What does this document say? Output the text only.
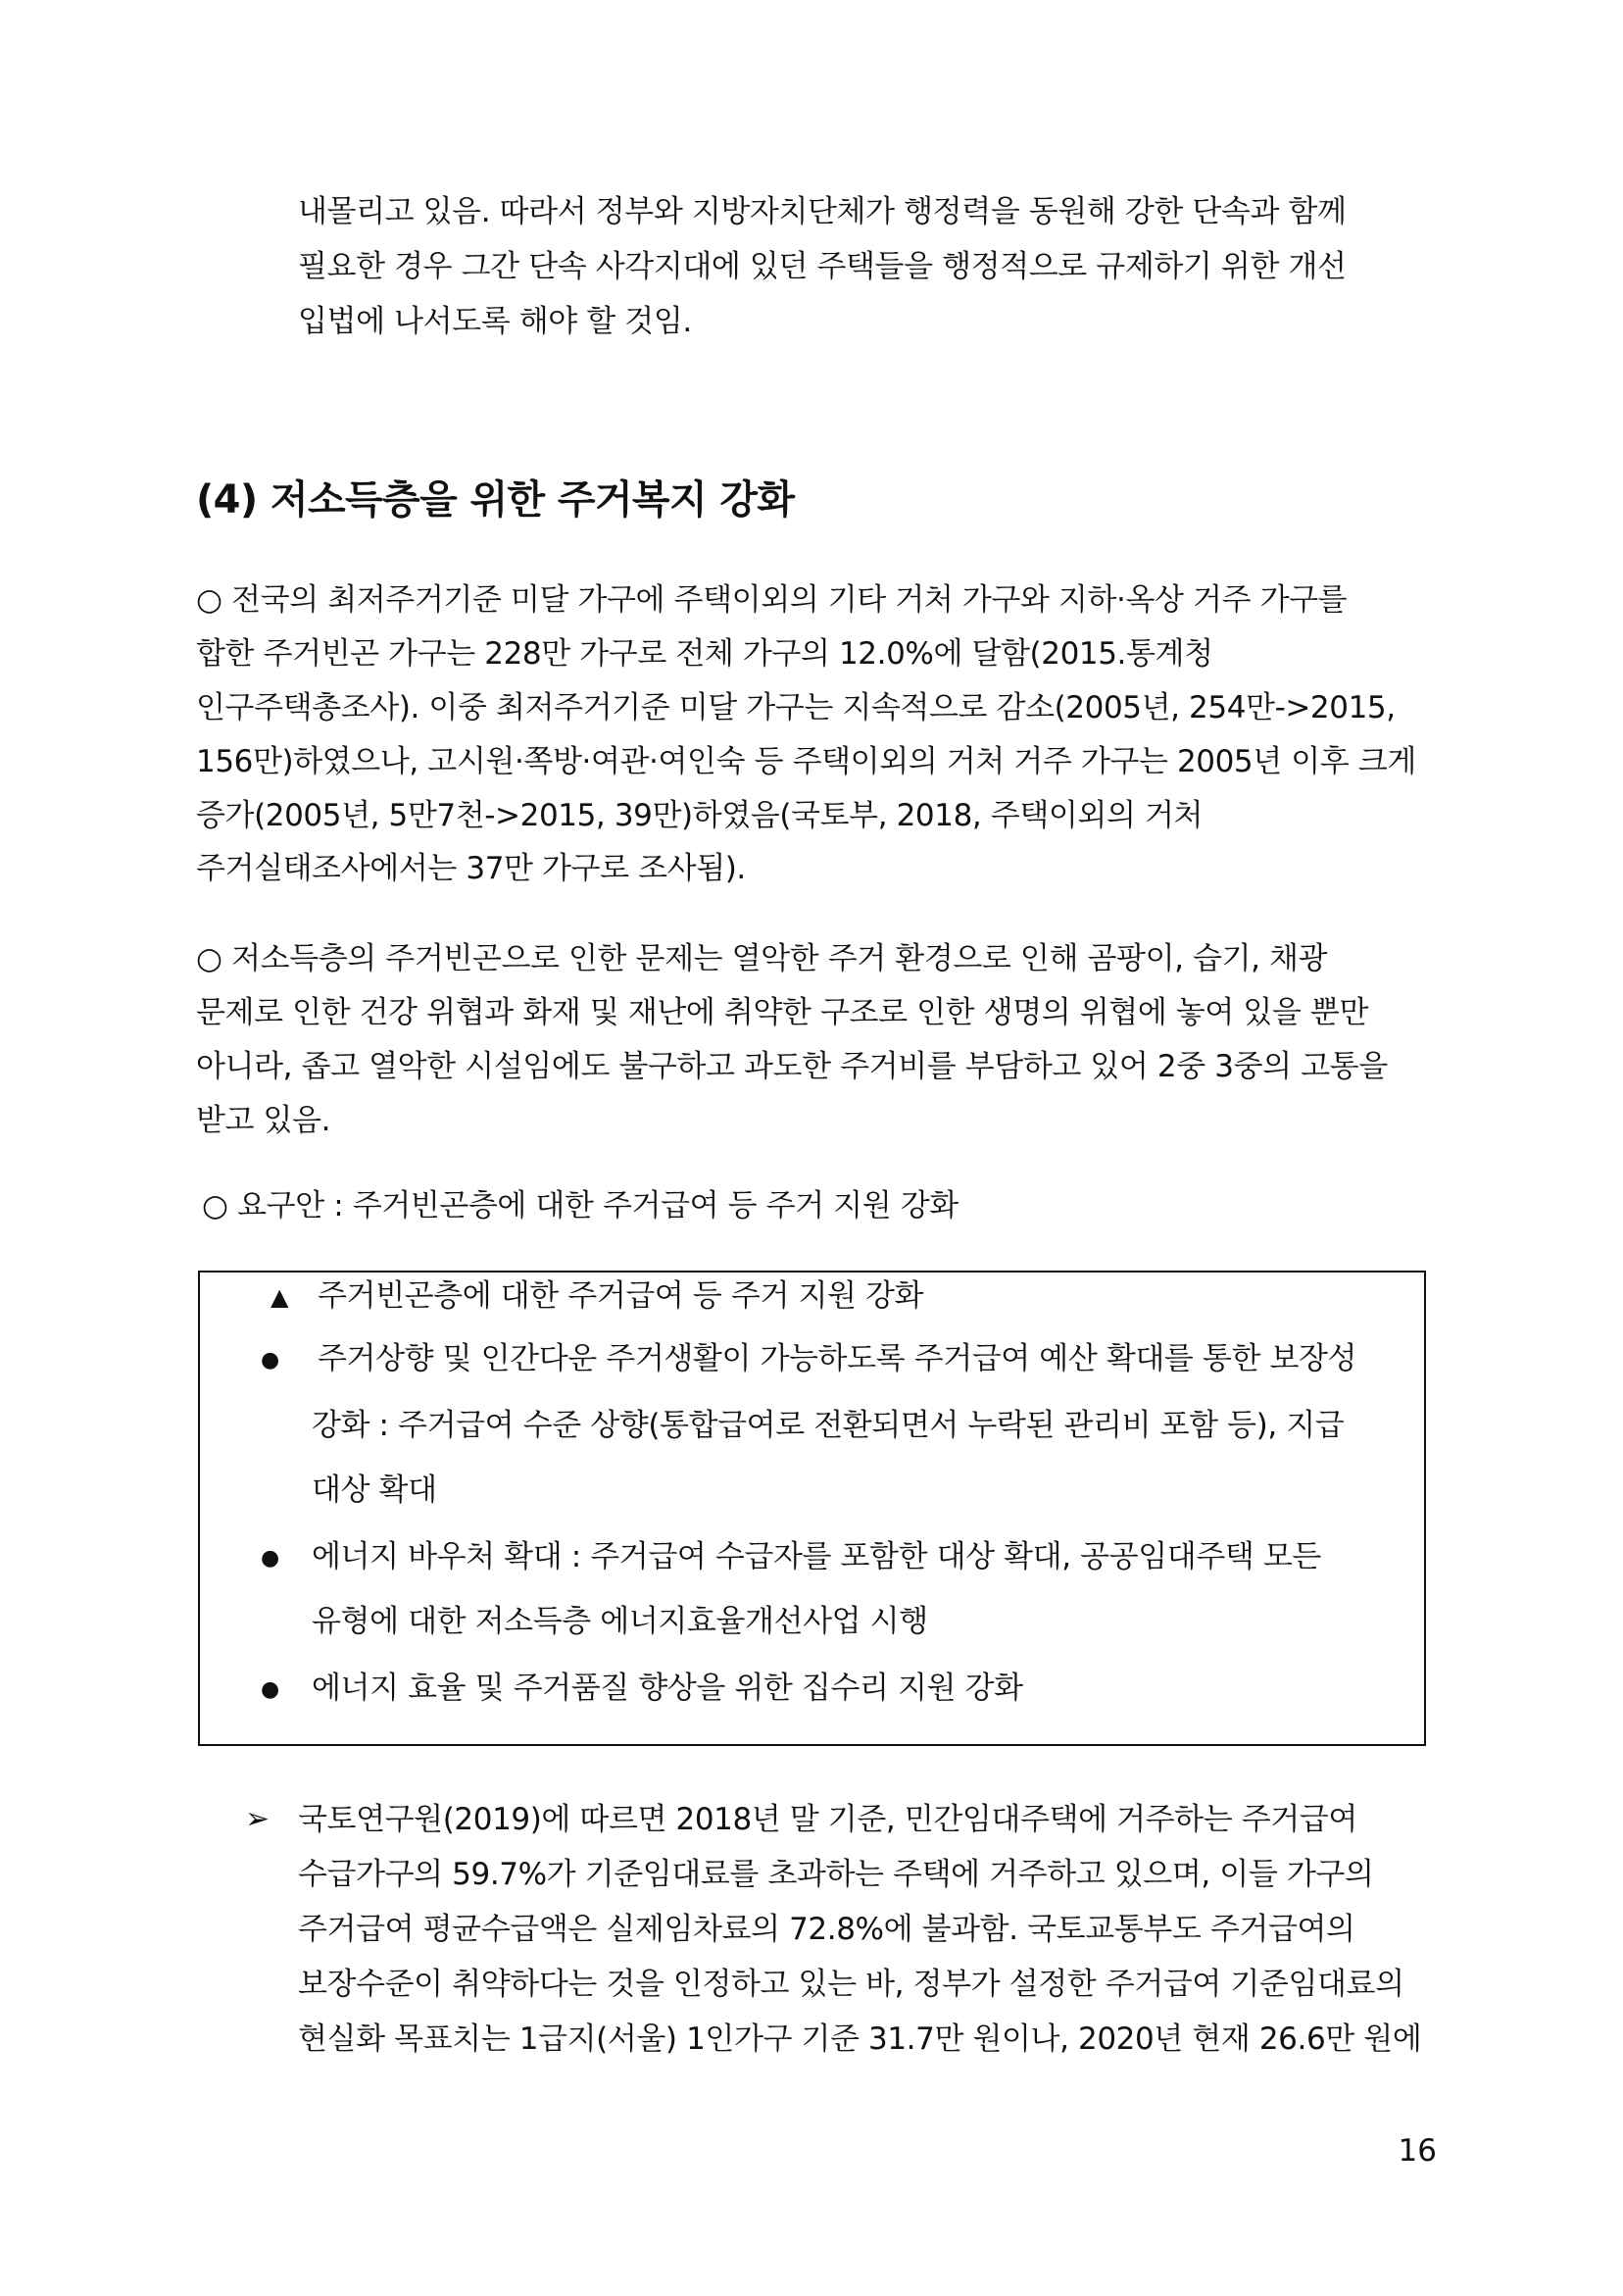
내몰리고 있음. 따라서 정부와 지방자치단체가 행정력을 동원해 강한 단속과 함께
필요한 경우 그간 단속 사각지대에 있던 주택들을 행정적으로 규제하기 위한 개선
입법에 나서도록 해야 할 것임.
(4) 저소득층을 위한 주거복지 강화
○ 전국의 최저주거기준 미달 가구에 주택이외의 기타 거처 가구와 지하·옥상 거주 가구를
합한 주거빈곤 가구는 228만 가구로 전체 가구의 12.0%에 달함(2015.통계청
인구주택총조사). 이중 최저주거기준 미달 가구는 지속적으로 감소(2005년, 254만->2015,
156만)하였으나, 고시원·쪽방·여관·여인숙 등 주택이외의 거처 거주 가구는 2005년 이후 크게
증가(2005년, 5만7천->2015, 39만)하였음(국토부, 2018, 주택이외의 거처
주거실태조사에서는 37만 가구로 조사됨).
○ 저소득층의 주거빈곤으로 인한 문제는 열악한 주거 환경으로 인해 곰팡이, 습기, 채광
문제로 인한 건강 위협과 화재 및 재난에 취약한 구조로 인한 생명의 위협에 놓여 있을 뿐만
아니라, 좁고 열악한 시설임에도 불구하고 과도한 주거비를 부담하고 있어 2중 3중의 고통을
받고 있음.
○ 요구안 : 주거빈곤층에 대한 주거급여 등 주거 지원 강화
▲ 주거빈곤층에 대한 주거급여 등 주거 지원 강화
● 주거상향 및 인간다운 주거생활이 가능하도록 주거급여 예산 확대를 통한 보장성
강화 : 주거급여 수준 상향(통합급여로 전환되면서 누락된 관리비 포함 등), 지급
대상 확대
● 에너지 바우처 확대 : 주거급여 수급자를 포함한 대상 확대, 공공임대주택 모든
유형에 대한 저소득층 에너지효율개선사업 시행
● 에너지 효율 및 주거품질 향상을 위한 집수리 지원 강화
➢ 국토연구원(2019)에 따르면 2018년 말 기준, 민간임대주택에 거주하는 주거급여
수급가구의 59.7%가 기준임대료를 초과하는 주택에 거주하고 있으며, 이들 가구의
주거급여 평균수급액은 실제임차료의 72.8%에 불과함. 국토교통부도 주거급여의
보장수준이 취약하다는 것을 인정하고 있는 바, 정부가 설정한 주거급여 기준임대료의
현실화 목표치는 1급지(서울) 1인가구 기준 31.7만 원이나, 2020년 현재 26.6만 원에
16
